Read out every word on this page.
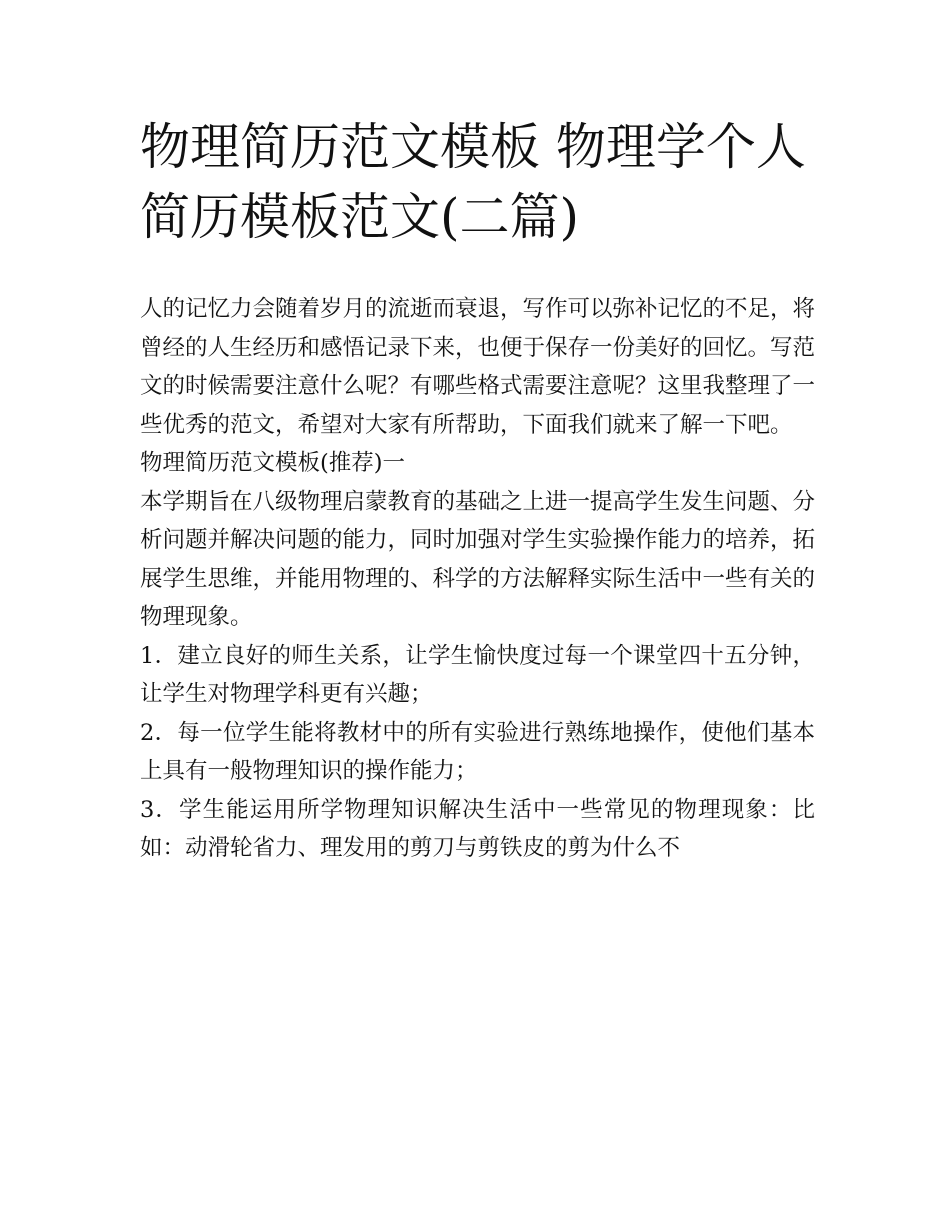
物理简历范文模板 物理学个人简历模板范文(二篇)

人的记忆力会随着岁月的流逝而衰退，写作可以弥补记忆的不足，将曾经的人生经历和感悟记录下来，也便于保存一份美好的回忆。写范文的时候需要注意什么呢？有哪些格式需要注意呢？这里我整理了一些优秀的范文，希望对大家有所帮助，下面我们就来了解一下吧。

物理简历范文模板(推荐)一

本学期旨在八级物理启蒙教育的基础之上进一提高学生发生问题、分析问题并解决问题的能力，同时加强对学生实验操作能力的培养，拓展学生思维，并能用物理的、科学的方法解释实际生活中一些有关的物理现象。

1．建立良好的师生关系，让学生愉快度过每一个课堂四十五分钟，让学生对物理学科更有兴趣；

2．每一位学生能将教材中的所有实验进行熟练地操作，使他们基本上具有一般物理知识的操作能力；

3．学生能运用所学物理知识解决生活中一些常见的物理现象：比如：动滑轮省力、理发用的剪刀与剪铁皮的剪为什么不
